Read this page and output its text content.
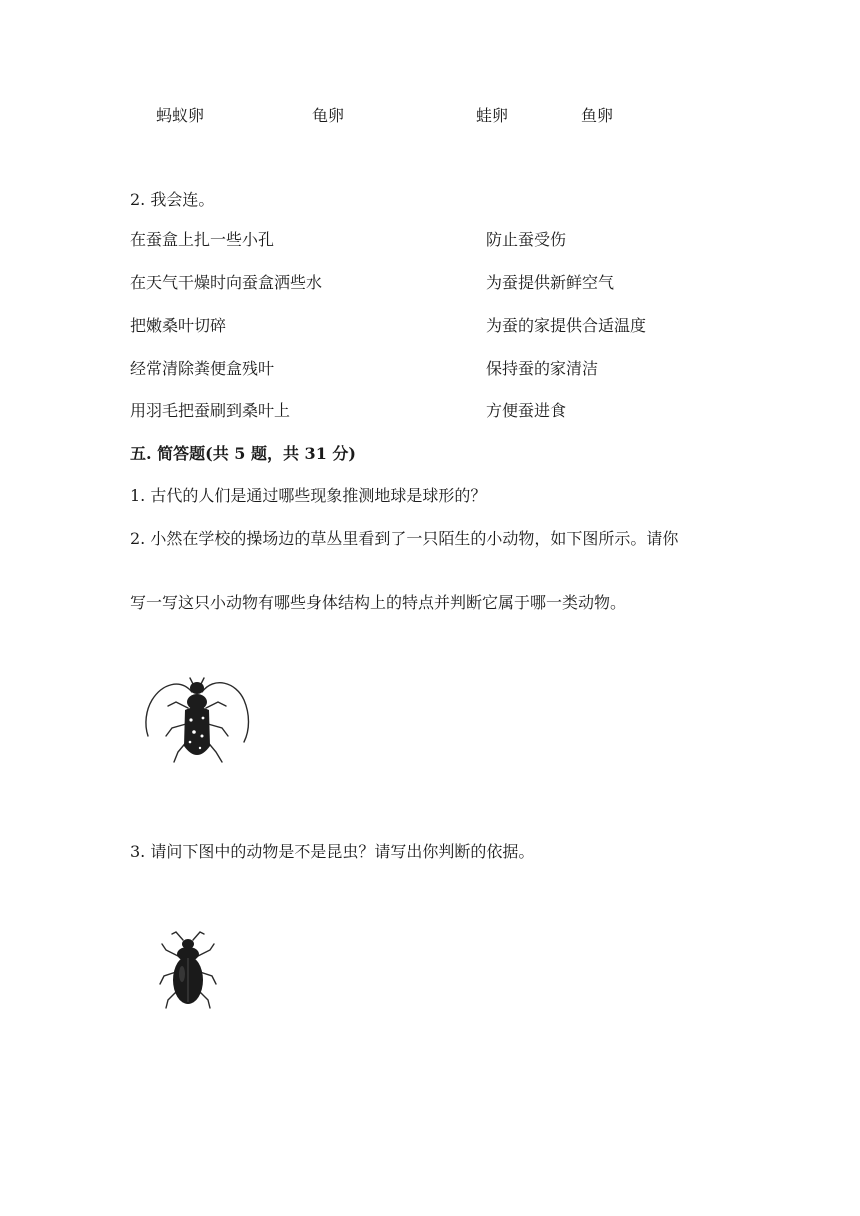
蚂蚁卵	龟卵	蛙卵	鱼卵
2. 我会连。
在蚕盒上扎一些小孔
在天气干燥时向蚕盒洒些水
把嫩桑叶切碎
经常清除粪便盒残叶
用羽毛把蚕刷到桑叶上
防止蚕受伤
为蚕提供新鲜空气
为蚕的家提供合适温度
保持蚕的家清洁
方便蚕进食
五. 简答题(共 5 题，共 31 分)
1. 古代的人们是通过哪些现象推测地球是球形的？
2. 小然在学校的操场边的草丛里看到了一只陌生的小动物，如下图所示。请你
写一写这只小动物有哪些身体结构上的特点并判断它属于哪一类动物。
3. 请问下图中的动物是不是昆虫？请写出你判断的依据。
